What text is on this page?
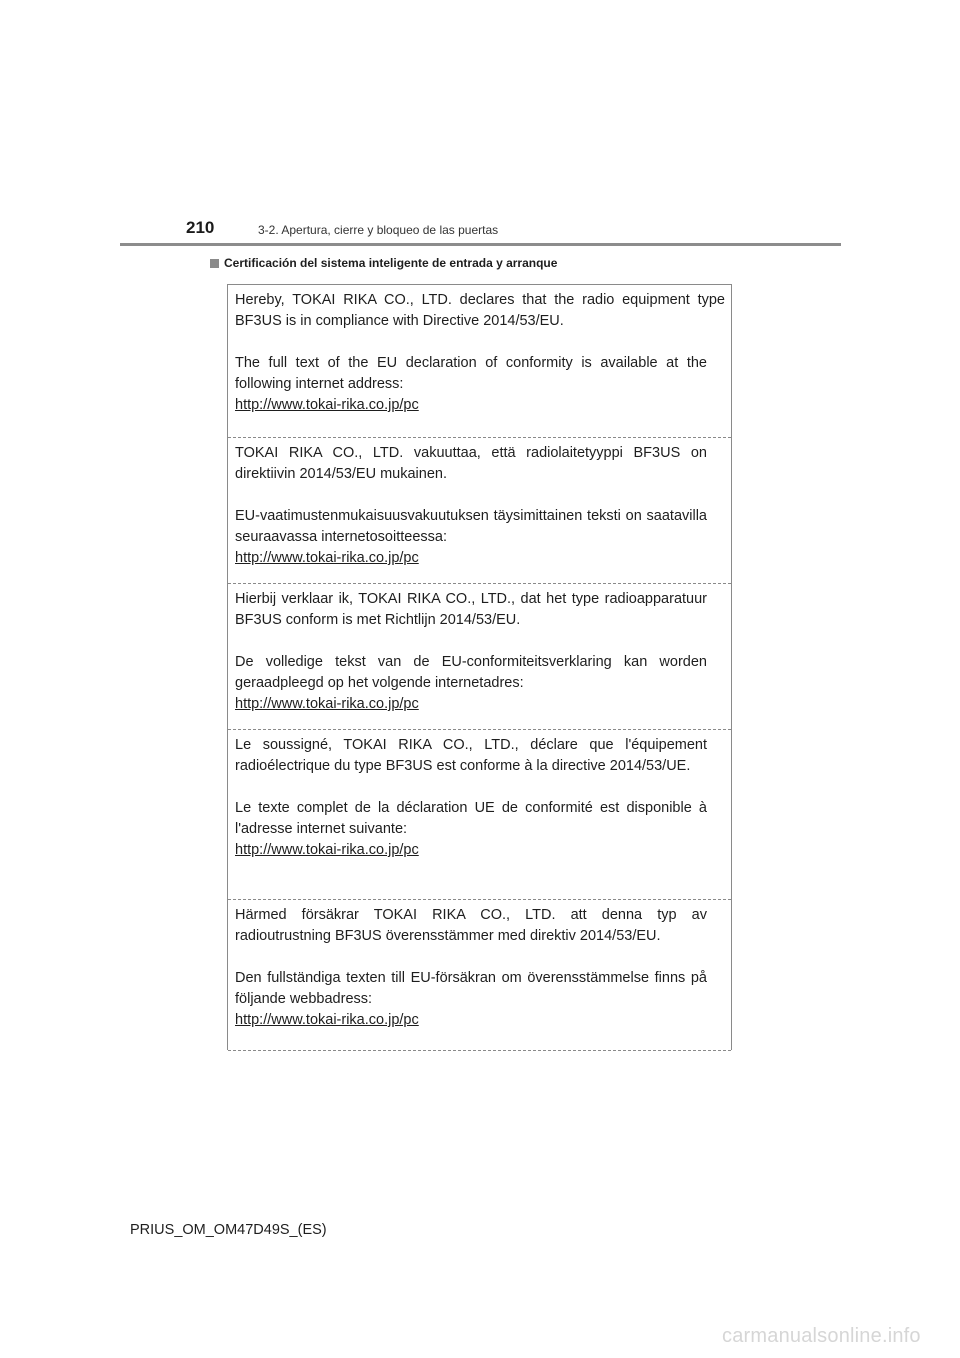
210	3-2. Apertura, cierre y bloqueo de las puertas
Certificación del sistema inteligente de entrada y arranque

Hereby, TOKAI RIKA CO., LTD. declares that the radio equipment type BF3US is in compliance with Directive 2014/53/EU.

The full text of the EU declaration of conformity is available at the following internet address:

http://www.tokai-rika.co.jp/pc

TOKAI RIKA CO., LTD. vakuuttaa, että radiolaitetyyppi BF3US on direktiivin 2014/53/EU mukainen.

EU-vaatimustenmukaisuusvakuutuksen täysimittainen teksti on saatavilla seuraavassa internetosoitteessa:

http://www.tokai-rika.co.jp/pc

Hierbij verklaar ik, TOKAI RIKA CO., LTD., dat het type radioapparatuur BF3US conform is met Richtlijn 2014/53/EU.

De volledige tekst van de EU-conformiteitsverklaring kan worden geraadpleegd op het volgende internetadres:

http://www.tokai-rika.co.jp/pc

Le soussigné, TOKAI RIKA CO., LTD., déclare que l'équipement radioélectrique du type BF3US est conforme à la directive 2014/53/UE.

Le texte complet de la déclaration UE de conformité est disponible à l'adresse internet suivante:

http://www.tokai-rika.co.jp/pc

Härmed försäkrar TOKAI RIKA CO., LTD. att denna typ av radioutrustning BF3US överensstämmer med direktiv 2014/53/EU.

Den fullständiga texten till EU-försäkran om överensstämmelse finns på följande webbadress:

http://www.tokai-rika.co.jp/pc
PRIUS_OM_OM47D49S_(ES)
carmanualsonline.info
